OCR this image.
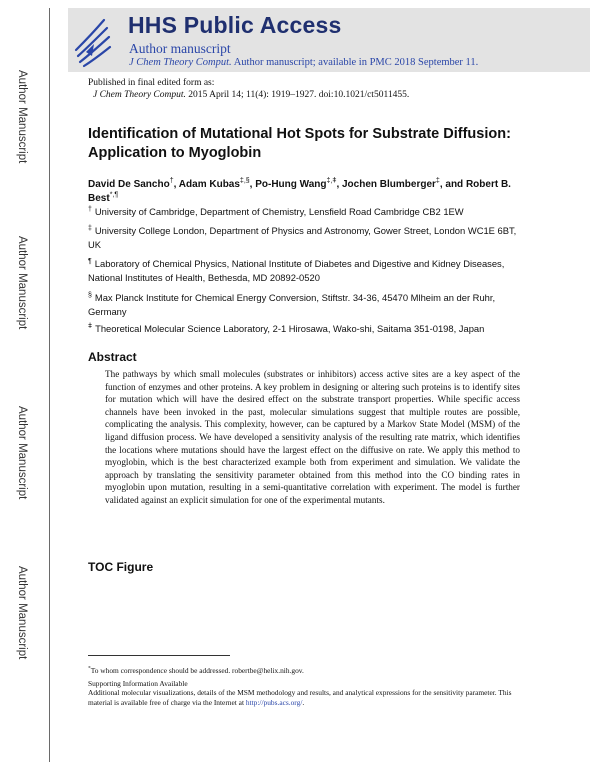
HHS Public Access
Author manuscript
J Chem Theory Comput. Author manuscript; available in PMC 2018 September 11.
Author Manuscript
Author Manuscript
Author Manuscript
Author Manuscript
Published in final edited form as:
J Chem Theory Comput. 2015 April 14; 11(4): 1919–1927. doi:10.1021/ct5011455.
Identification of Mutational Hot Spots for Substrate Diffusion: Application to Myoglobin
David De Sancho†, Adam Kubas‡,§, Po-Hung Wang$^{\ddagger,ǂ}$, Jochen Blumberger‡, and Robert B. Best*,¶
† University of Cambridge, Department of Chemistry, Lensfield Road Cambridge CB2 1EW
‡ University College London, Department of Physics and Astronomy, Gower Street, London WC1E 6BT, UK
¶ Laboratory of Chemical Physics, National Institute of Diabetes and Digestive and Kidney Diseases, National Institutes of Health, Bethesda, MD 20892-0520
§ Max Planck Institute for Chemical Energy Conversion, Stiftstr. 34-36, 45470 Mlheim an der Ruhr, Germany
$^ǂ$ Theoretical Molecular Science Laboratory, 2-1 Hirosawa, Wako-shi, Saitama 351-0198, Japan
Abstract
The pathways by which small molecules (substrates or inhibitors) access active sites are a key aspect of the function of enzymes and other proteins. A key problem in designing or altering such proteins is to identify sites for mutation which will have the desired effect on the substrate transport properties. While specific access channels have been invoked in the past, molecular simulations suggest that multiple routes are possible, complicating the analysis. This complexity, however, can be captured by a Markov State Model (MSM) of the ligand diffusion process. We have developed a sensitivity analysis of the resulting rate matrix, which identifies the locations where mutations should have the largest effect on the diffusive on rate. We apply this method to myoglobin, which is the best characterized example both from experiment and simulation. We validate the approach by translating the sensitivity parameter obtained from this method into the CO binding rates in myoglobin upon mutation, resulting in a semi-quantitative correlation with experiment. The model is further validated against an explicit simulation for one of the experimental mutants.
TOC Figure
*To whom correspondence should be addressed. robertbe@helix.nih.gov.
Supporting Information Available
Additional molecular visualizations, details of the MSM methodology and results, and analytical expressions for the sensitivity parameter. This material is available free of charge via the Internet at http://pubs.acs.org/.
